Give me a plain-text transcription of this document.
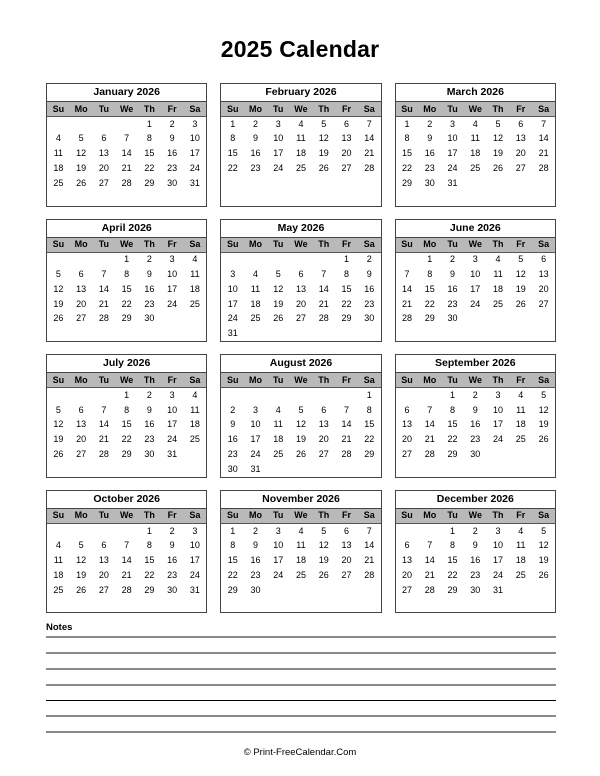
2025 Calendar
January 2026
Su	Mo	Tu	We	Th	Fr	Sa
				1	2	3
4	5	6	7	8	9	10
11	12	13	14	15	16	17
18	19	20	21	22	23	24
25	26	27	28	29	30	31

February 2026
Su	Mo	Tu	We	Th	Fr	Sa
1	2	3	4	5	6	7
8	9	10	11	12	13	14
15	16	17	18	19	20	21
22	23	24	25	26	27	28

March 2026
Su	Mo	Tu	We	Th	Fr	Sa
1	2	3	4	5	6	7
8	9	10	11	12	13	14
15	16	17	18	19	20	21
22	23	24	25	26	27	28
29	30	31				

April 2026
Su	Mo	Tu	We	Th	Fr	Sa
			1	2	3	4
5	6	7	8	9	10	11
12	13	14	15	16	17	18
19	20	21	22	23	24	25
26	27	28	29	30		

May 2026
Su	Mo	Tu	We	Th	Fr	Sa
					1	2
3	4	5	6	7	8	9
10	11	12	13	14	15	16
17	18	19	20	21	22	23
24	25	26	27	28	29	30
31						
June 2026
Su	Mo	Tu	We	Th	Fr	Sa
	1	2	3	4	5	6
7	8	9	10	11	12	13
14	15	16	17	18	19	20
21	22	23	24	25	26	27
28	29	30				

July 2026
Su	Mo	Tu	We	Th	Fr	Sa
			1	2	3	4
5	6	7	8	9	10	11
12	13	14	15	16	17	18
19	20	21	22	23	24	25
26	27	28	29	30	31	

August 2026
Su	Mo	Tu	We	Th	Fr	Sa
						1
2	3	4	5	6	7	8
9	10	11	12	13	14	15
16	17	18	19	20	21	22
23	24	25	26	27	28	29
30	31					
September 2026
Su	Mo	Tu	We	Th	Fr	Sa
		1	2	3	4	5
6	7	8	9	10	11	12
13	14	15	16	17	18	19
20	21	22	23	24	25	26
27	28	29	30			

October 2026
Su	Mo	Tu	We	Th	Fr	Sa
				1	2	3
4	5	6	7	8	9	10
11	12	13	14	15	16	17
18	19	20	21	22	23	24
25	26	27	28	29	30	31

November 2026
Su	Mo	Tu	We	Th	Fr	Sa
1	2	3	4	5	6	7
8	9	10	11	12	13	14
15	16	17	18	19	20	21
22	23	24	25	26	27	28
29	30					

December 2026
Su	Mo	Tu	We	Th	Fr	Sa
		1	2	3	4	5
6	7	8	9	10	11	12
13	14	15	16	17	18	19
20	21	22	23	24	25	26
27	28	29	30	31		

Notes
© Print-FreeCalendar.Com
